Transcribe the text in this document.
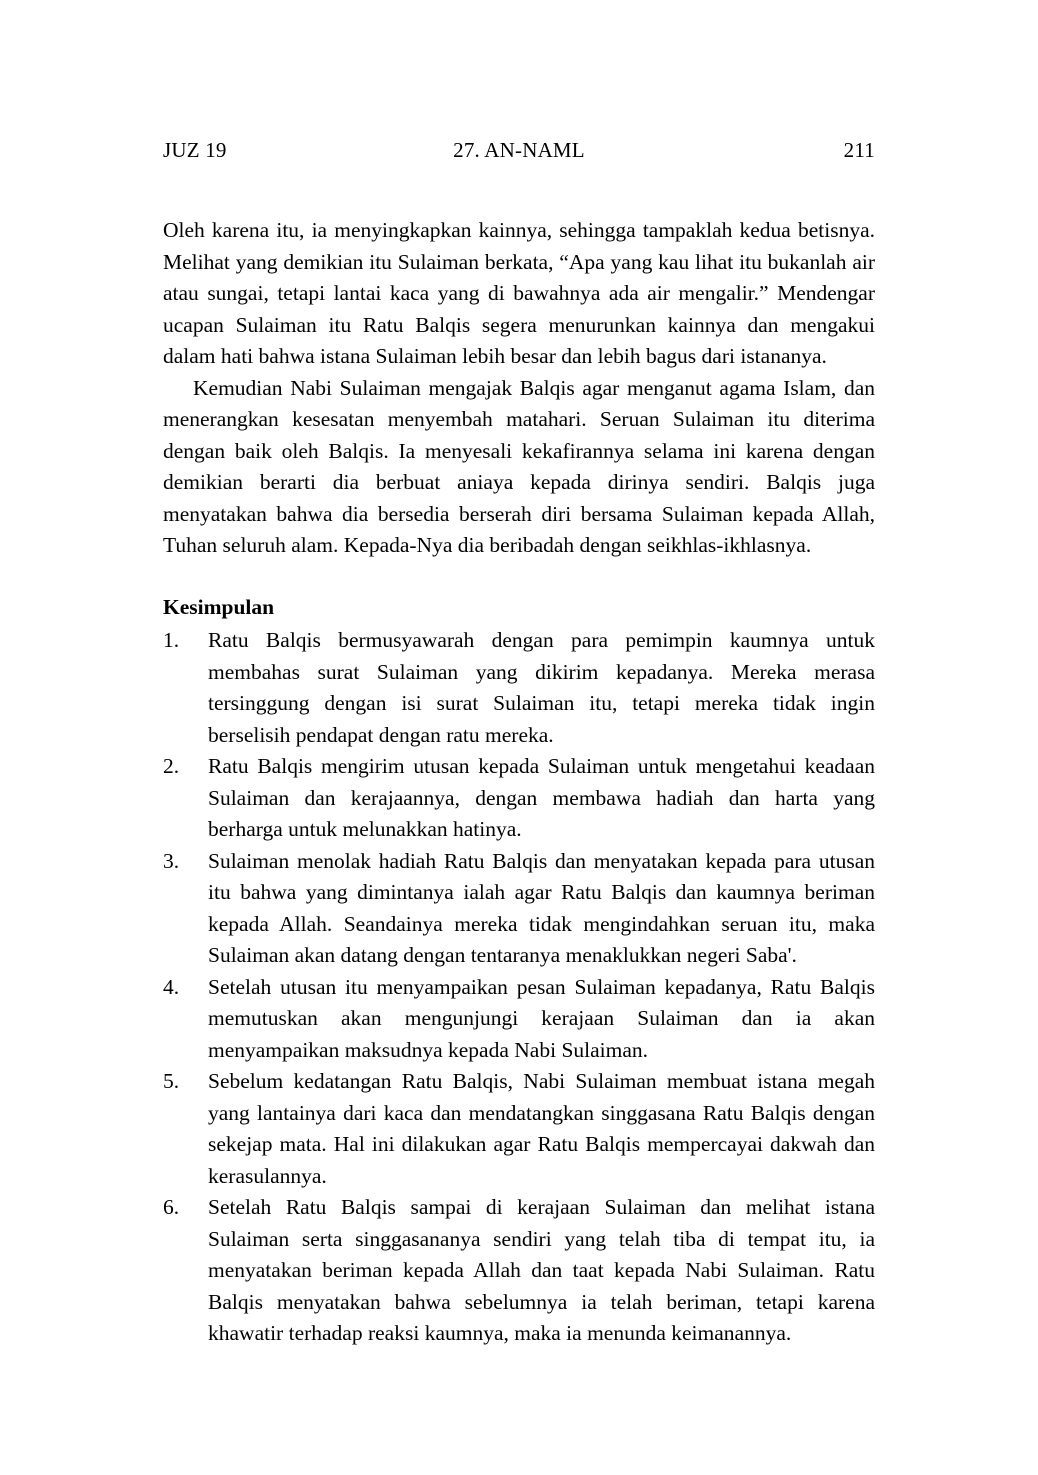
JUZ 19	27. AN-NAML	211

Oleh karena itu, ia menyingkapkan kainnya, sehingga tampaklah kedua betisnya. Melihat yang demikian itu Sulaiman berkata, “Apa yang kau lihat itu bukanlah air atau sungai, tetapi lantai kaca yang di bawahnya ada air mengalir.” Mendengar ucapan Sulaiman itu Ratu Balqis segera menurunkan kainnya dan mengakui dalam hati bahwa istana Sulaiman lebih besar dan lebih bagus dari istananya.

Kemudian Nabi Sulaiman mengajak Balqis agar menganut agama Islam, dan menerangkan kesesatan menyembah matahari. Seruan Sulaiman itu diterima dengan baik oleh Balqis. Ia menyesali kekafirannya selama ini karena dengan demikian berarti dia berbuat aniaya kepada dirinya sendiri. Balqis juga menyatakan bahwa dia bersedia berserah diri bersama Sulaiman kepada Allah, Tuhan seluruh alam. Kepada-Nya dia beribadah dengan seikhlas-ikhlasnya.

Kesimpulan
1.	Ratu Balqis bermusyawarah dengan para pemimpin kaumnya untuk membahas surat Sulaiman yang dikirim kepadanya. Mereka merasa tersinggung dengan isi surat Sulaiman itu, tetapi mereka tidak ingin berselisih pendapat dengan ratu mereka.
2.	Ratu Balqis mengirim utusan kepada Sulaiman untuk mengetahui keadaan Sulaiman dan kerajaannya, dengan membawa hadiah dan harta yang berharga untuk melunakkan hatinya.
3.	Sulaiman menolak hadiah Ratu Balqis dan menyatakan kepada para utusan itu bahwa yang dimintanya ialah agar Ratu Balqis dan kaumnya beriman kepada Allah. Seandainya mereka tidak mengindahkan seruan itu, maka Sulaiman akan datang dengan tentaranya menaklukkan negeri Saba'.
4.	Setelah utusan itu menyampaikan pesan Sulaiman kepadanya, Ratu Balqis memutuskan akan mengunjungi kerajaan Sulaiman dan ia akan menyampaikan maksudnya kepada Nabi Sulaiman.
5.	Sebelum kedatangan Ratu Balqis, Nabi Sulaiman membuat istana megah yang lantainya dari kaca dan mendatangkan singgasana Ratu Balqis dengan sekejap mata. Hal ini dilakukan agar Ratu Balqis mempercayai dakwah dan kerasulannya.
6.	Setelah Ratu Balqis sampai di kerajaan Sulaiman dan melihat istana Sulaiman serta singgasananya sendiri yang telah tiba di tempat itu, ia menyatakan beriman kepada Allah dan taat kepada Nabi Sulaiman. Ratu Balqis menyatakan bahwa sebelumnya ia telah beriman, tetapi karena khawatir terhadap reaksi kaumnya, maka ia menunda keimanannya.
